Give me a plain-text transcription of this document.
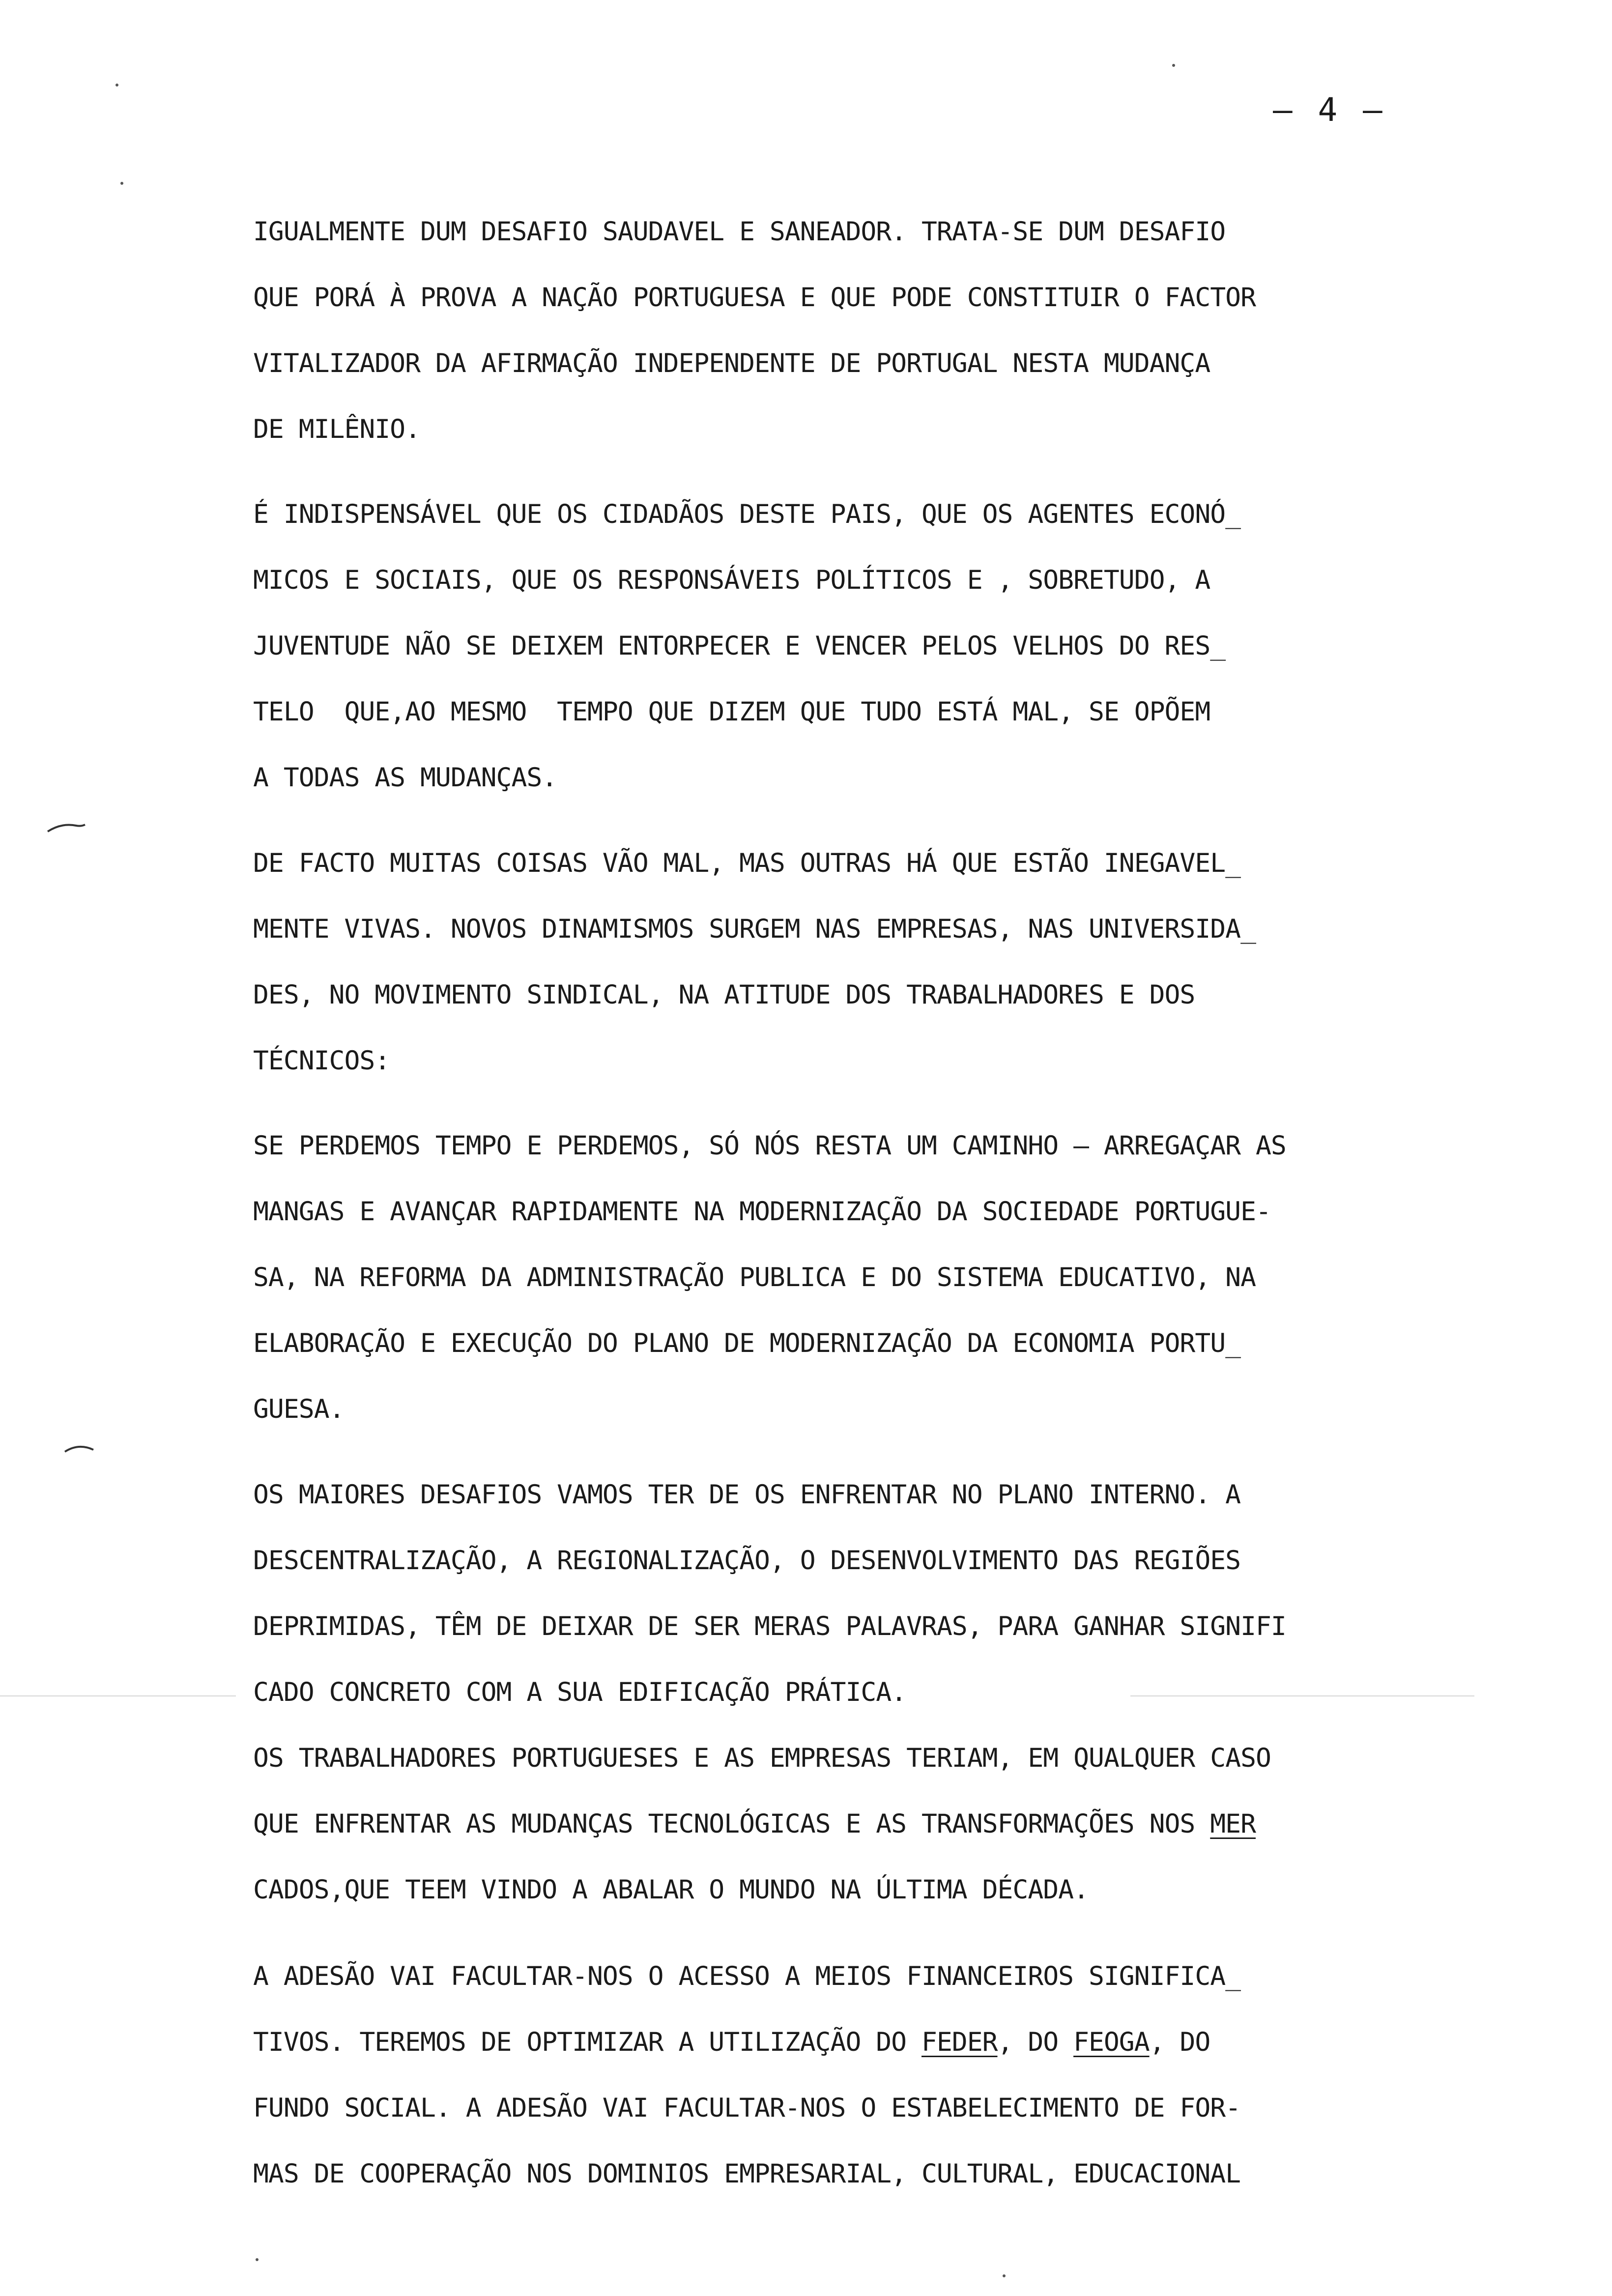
– 4 –
IGUALMENTE DUM DESAFIO SAUDAVEL E SANEADOR. TRATA-SE DUM DESAFIO
QUE PORÁ À PROVA A NAÇÃO PORTUGUESA E QUE PODE CONSTITUIR O FACTOR
VITALIZADOR DA AFIRMAÇÃO INDEPENDENTE DE PORTUGAL NESTA MUDANÇA
DE MILÊNIO.
É INDISPENSÁVEL QUE OS CIDADÃOS DESTE PAIS, QUE OS AGENTES ECONÓ_
MICOS E SOCIAIS, QUE OS RESPONSÁVEIS POLÍTICOS E , SOBRETUDO, A
JUVENTUDE NÃO SE DEIXEM ENTORPECER E VENCER PELOS VELHOS DO RES_
TELO  QUE,AO MESMO  TEMPO QUE DIZEM QUE TUDO ESTÁ MAL, SE OPÕEM
A TODAS AS MUDANÇAS.
DE FACTO MUITAS COISAS VÃO MAL, MAS OUTRAS HÁ QUE ESTÃO INEGAVEL_
MENTE VIVAS. NOVOS DINAMISMOS SURGEM NAS EMPRESAS, NAS UNIVERSIDA_
DES, NO MOVIMENTO SINDICAL, NA ATITUDE DOS TRABALHADORES E DOS
TÉCNICOS:
SE PERDEMOS TEMPO E PERDEMOS, SÓ NÓS RESTA UM CAMINHO — ARREGAÇAR AS
MANGAS E AVANÇAR RAPIDAMENTE NA MODERNIZAÇÃO DA SOCIEDADE PORTUGUE-
SA, NA REFORMA DA ADMINISTRAÇÃO PUBLICA E DO SISTEMA EDUCATIVO, NA
ELABORAÇÃO E EXECUÇÃO DO PLANO DE MODERNIZAÇÃO DA ECONOMIA PORTU_
GUESA.
OS MAIORES DESAFIOS VAMOS TER DE OS ENFRENTAR NO PLANO INTERNO. A
DESCENTRALIZAÇÃO, A REGIONALIZAÇÃO, O DESENVOLVIMENTO DAS REGIÕES
DEPRIMIDAS, TÊM DE DEIXAR DE SER MERAS PALAVRAS, PARA GANHAR SIGNIFI
CADO CONCRETO COM A SUA EDIFICAÇÃO PRÁTICA.
OS TRABALHADORES PORTUGUESES E AS EMPRESAS TERIAM, EM QUALQUER CASO
QUE ENFRENTAR AS MUDANÇAS TECNOLÓGICAS E AS TRANSFORMAÇÕES NOS MER
CADOS,QUE TEEM VINDO A ABALAR O MUNDO NA ÚLTIMA DÉCADA.
A ADESÃO VAI FACULTAR-NOS O ACESSO A MEIOS FINANCEIROS SIGNIFICA_
TIVOS. TEREMOS DE OPTIMIZAR A UTILIZAÇÃO DO FEDER, DO FEOGA, DO
FUNDO SOCIAL. A ADESÃO VAI FACULTAR-NOS O ESTABELECIMENTO DE FOR-
MAS DE COOPERAÇÃO NOS DOMINIOS EMPRESARIAL, CULTURAL, EDUCACIONAL
